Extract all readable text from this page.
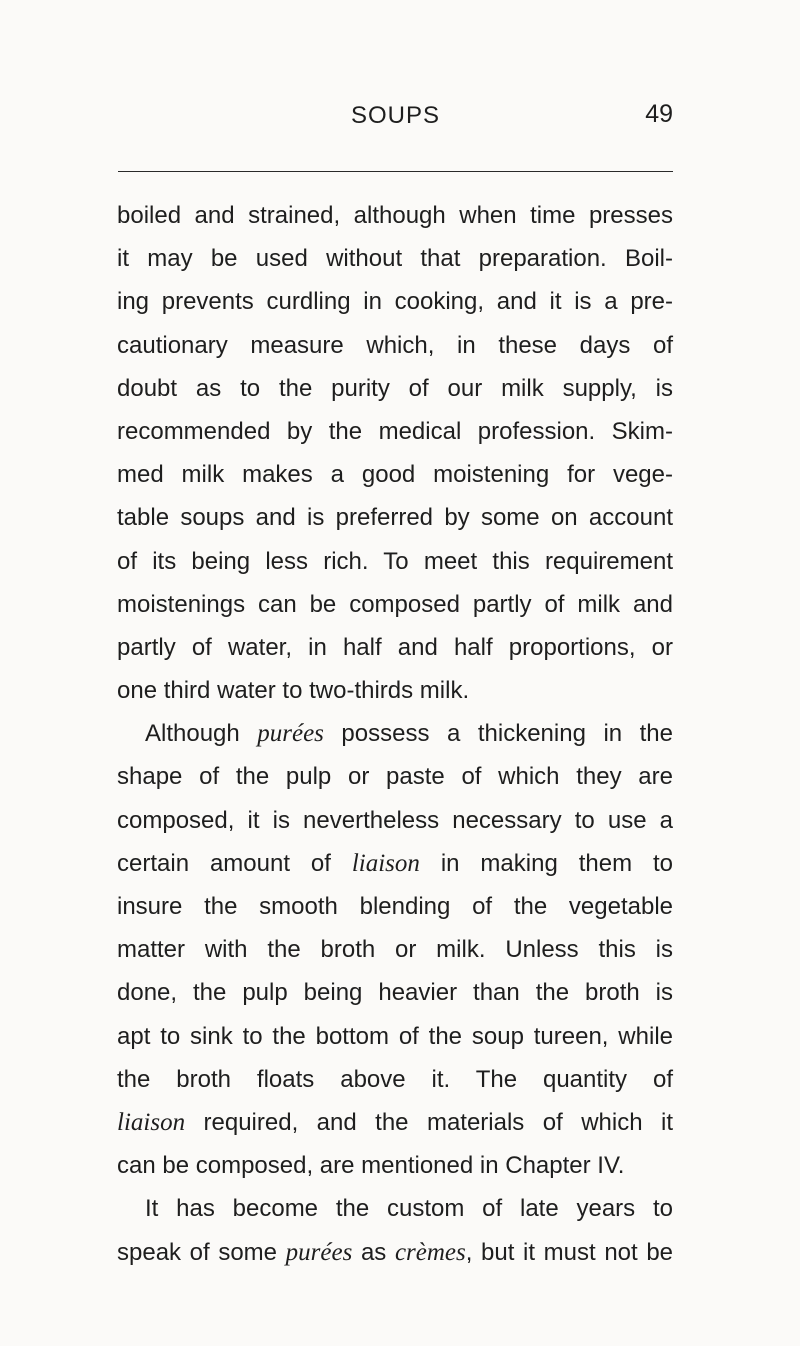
SOUPS	49
boiled and strained, although when time presses
it may be used without that preparation. Boil-
ing prevents curdling in cooking, and it is a pre-
cautionary measure which, in these days of
doubt as to the purity of our milk supply, is
recommended by the medical profession. Skim-
med milk makes a good moistening for vege-
table soups and is preferred by some on account
of its being less rich. To meet this requirement
moistenings can be composed partly of milk and
partly of water, in half and half proportions, or
one third water to two-thirds milk.
Although purées possess a thickening in the
shape of the pulp or paste of which they are
composed, it is nevertheless necessary to use a
certain amount of liaison in making them to
insure the smooth blending of the vegetable
matter with the broth or milk. Unless this is
done, the pulp being heavier than the broth is
apt to sink to the bottom of the soup tureen, while
the broth floats above it. The quantity of
liaison required, and the materials of which it
can be composed, are mentioned in Chapter IV.
It has become the custom of late years to
speak of some purées as crèmes, but it must not be
